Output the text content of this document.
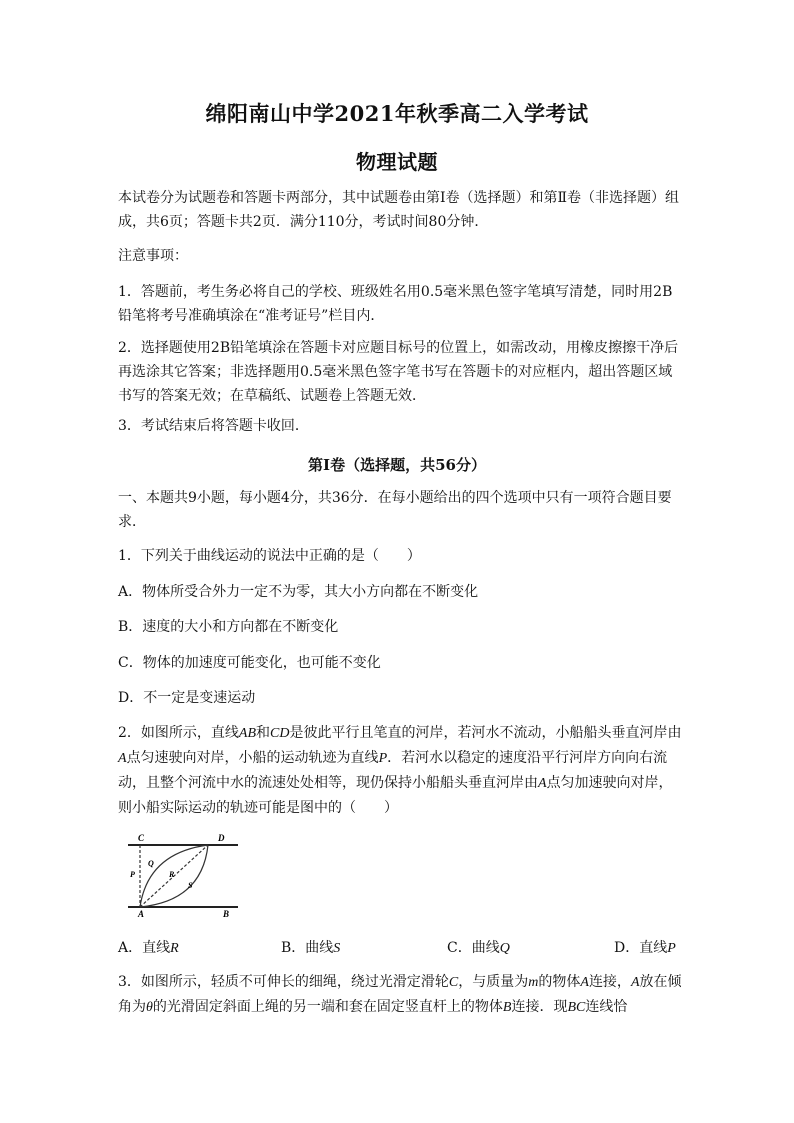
绵阳南山中学2021年秋季高二入学考试
物理试题

本试卷分为试题卷和答题卡两部分，其中试题卷由第Ⅰ卷（选择题）和第Ⅱ卷（非选择题）组成，共6页；答题卡共2页．满分110分，考试时间80分钟．

注意事项：

1．答题前，考生务必将自己的学校、班级姓名用0.5毫米黑色签字笔填写清楚，同时用2B铅笔将考号准确填涂在“准考证号”栏目内．

2．选择题使用2B铅笔填涂在答题卡对应题目标号的位置上，如需改动，用橡皮擦擦干净后再选涂其它答案；非选择题用0.5毫米黑色签字笔书写在答题卡的对应框内，超出答题区域书写的答案无效；在草稿纸、试题卷上答题无效．

3．考试结束后将答题卡收回．

第Ⅰ卷（选择题，共56分）

一、本题共9小题，每小题4分，共36分．在每小题给出的四个选项中只有一项符合题目要求．

1．下列关于曲线运动的说法中正确的是（　　）

A．物体所受合外力一定不为零，其大小方向都在不断变化

B．速度的大小和方向都在不断变化

C．物体的加速度可能变化，也可能不变化

D．不一定是变速运动

2．如图所示，直线AB和CD是彼此平行且笔直的河岸，若河水不流动，小船船头垂直河岸由A点匀速驶向对岸，小船的运动轨迹为直线P．若河水以稳定的速度沿平行河岸方向向右流动，且整个河流中水的流速处处相等，现仍保持小船船头垂直河岸由A点匀加速驶向对岸，则小船实际运动的轨迹可能是图中的（　　）

C	D
Q
P	R
S
A	B
A．直线R	B．曲线S	C．曲线Q	D．直线P

3．如图所示，轻质不可伸长的细绳，绕过光滑定滑轮C，与质量为m的物体A连接，A放在倾角为θ的光滑固定斜面上绳的另一端和套在固定竖直杆上的物体B连接．现BC连线恰
